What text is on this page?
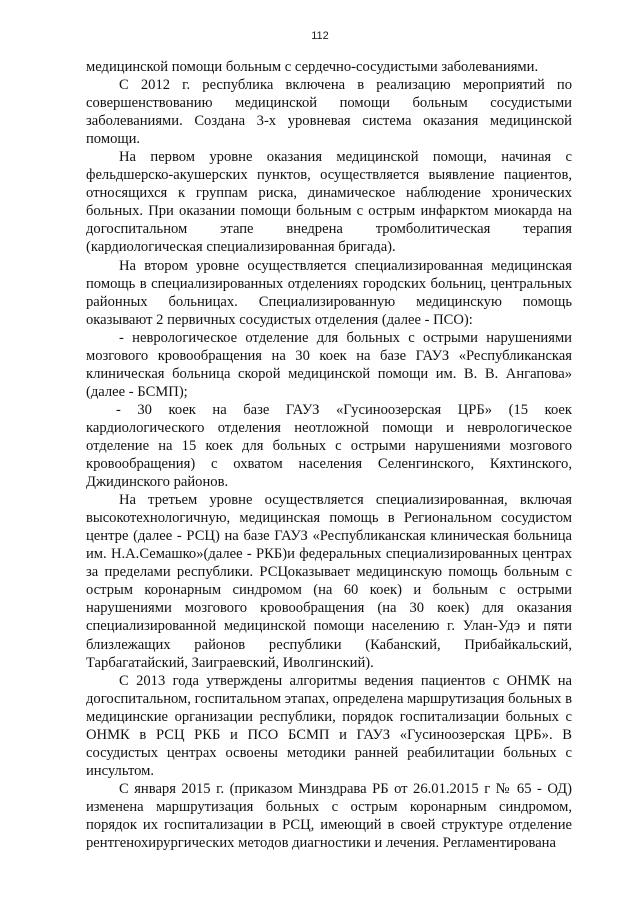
112

медицинской помощи больным с сердечно-сосудистыми заболеваниями.

С 2012 г. республика включена в реализацию мероприятий по совершенствованию медицинской помощи больным сосудистыми заболеваниями. Создана 3-х уровневая система оказания медицинской помощи.

На первом уровне оказания медицинской помощи, начиная с фельдшерско-акушерских пунктов, осуществляется выявление пациентов, относящихся к группам риска, динамическое наблюдение хронических больных. При оказании помощи больным с острым инфарктом миокарда на догоспитальном этапе внедрена тромболитическая терапия (кардиологическая специализированная бригада).

На втором уровне осуществляется специализированная медицинская помощь в специализированных отделениях городских больниц, центральных районных больницах. Специализированную медицинскую помощь оказывают 2 первичных сосудистых отделения (далее - ПСО):

- неврологическое отделение для больных с острыми нарушениями мозгового кровообращения на 30 коек на базе ГАУЗ «Республиканская клиническая больница скорой медицинской помощи им. В. В. Ангапова» (далее - БСМП);

- 30 коек на базе ГАУЗ «Гусиноозерская ЦРБ» (15 коек кардиологического отделения неотложной помощи и неврологическое отделение на 15 коек для больных с острыми нарушениями мозгового кровообращения) с охватом населения Селенгинского, Кяхтинского, Джидинского районов.

На третьем уровне осуществляется специализированная, включая высокотехнологичную, медицинская помощь в Региональном сосудистом центре (далее - РСЦ) на базе ГАУЗ «Республиканская клиническая больница им. Н.А.Семашко»(далее - РКБ)и федеральных специализированных центрах за пределами республики. РСЦоказывает медицинскую помощь больным с острым коронарным синдромом (на 60 коек) и больным с острыми нарушениями мозгового кровообращения (на 30 коек) для оказания специализированной медицинской помощи населению г. Улан-Удэ и пяти близлежащих районов республики (Кабанский, Прибайкальский, Тарбагатайский, Заиграевский, Иволгинский).

С 2013 года утверждены алгоритмы ведения пациентов с ОНМК на догоспитальном, госпитальном этапах, определена маршрутизация больных в медицинские организации республики, порядок госпитализации больных с ОНМК в РСЦ РКБ и ПСО БСМП и ГАУЗ «Гусиноозерская ЦРБ». В сосудистых центрах освоены методики ранней реабилитации больных с инсультом.

С января 2015 г. (приказом Минздрава РБ от 26.01.2015 г № 65 - ОД) изменена маршрутизация больных с острым коронарным синдромом, порядок их госпитализации в РСЦ, имеющий в своей структуре отделение рентгенохирургических методов диагностики и лечения. Регламентирована
